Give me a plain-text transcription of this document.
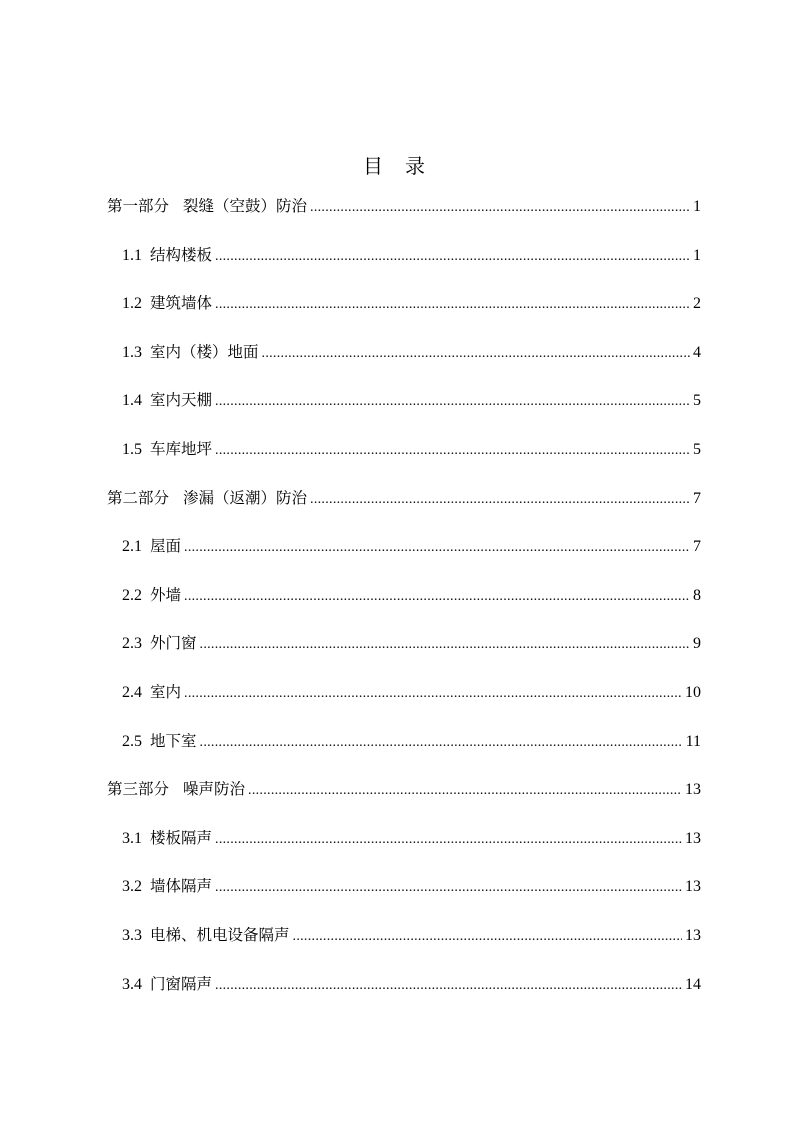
目录
第一部分 裂缝（空鼓）防治 .....	1
1.1 结构楼板 .....	1
1.2 建筑墙体 .....	2
1.3 室内（楼）地面 .....	4
1.4 室内天棚 .....	5
1.5 车库地坪 .....	5
第二部分 渗漏（返潮）防治 .....	7
2.1 屋面 .....	7
2.2 外墙 .....	8
2.3 外门窗 .....	9
2.4 室内 .....	10
2.5 地下室 .....	11
第三部分 噪声防治 .....	13
3.1 楼板隔声 .....	13
3.2 墙体隔声 .....	13
3.3 电梯、机电设备隔声 .....	13
3.4 门窗隔声 .....	14
